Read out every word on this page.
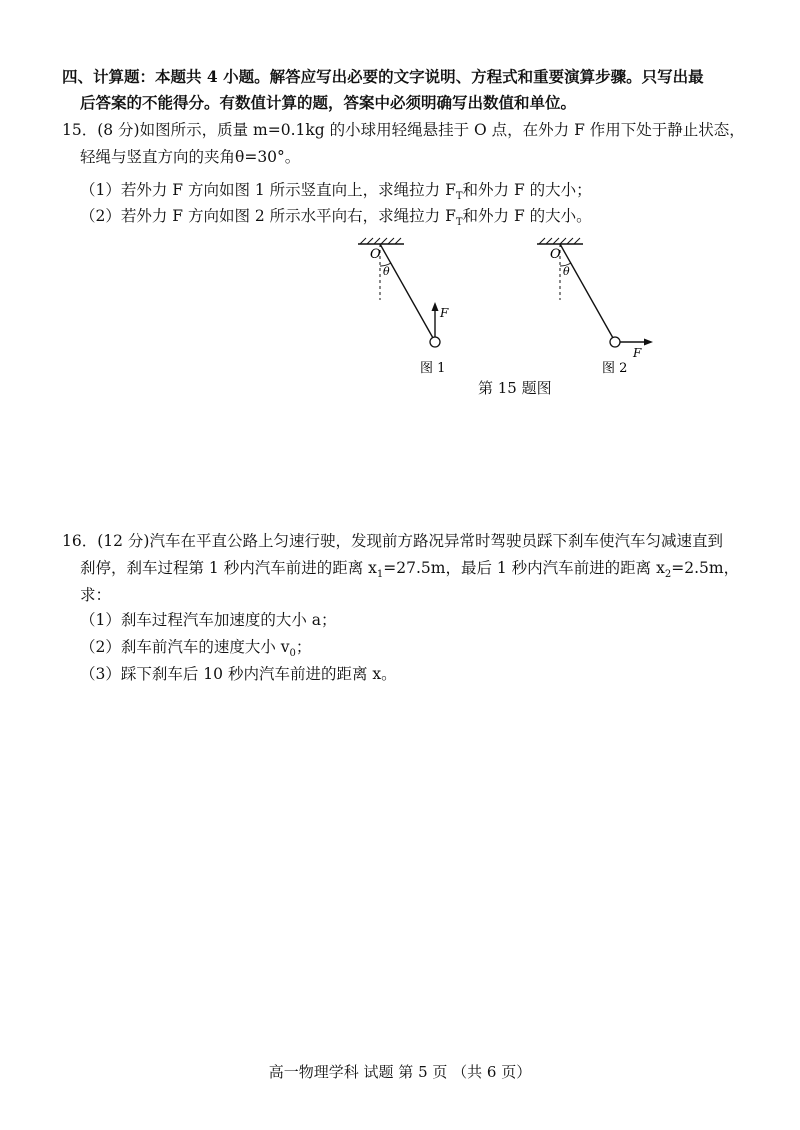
四、计算题：本题共 4 小题。解答应写出必要的文字说明、方程式和重要演算步骤。只写出最
后答案的不能得分。有数值计算的题，答案中必须明确写出数值和单位。
15．(8 分)如图所示，质量 m=0.1kg 的小球用轻绳悬挂于 O 点，在外力 F 作用下处于静止状态，
轻绳与竖直方向的夹角θ=30°。
（1）若外力 F 方向如图 1 所示竖直向上，求绳拉力 $F_T$和外力 F 的大小；
（2）若外力 F 方向如图 2 所示水平向右，求绳拉力 $F_T$和外力 F 的大小。
O
θ
F
图 1
O
θ
F
图 2
第 15 题图
16．(12 分)汽车在平直公路上匀速行驶，发现前方路况异常时驾驶员踩下刹车使汽车匀减速直到
刹停，刹车过程第 1 秒内汽车前进的距离 $x_1=27.5m$，最后 1 秒内汽车前进的距离 $x_2=2.5m$，
求：
（1）刹车过程汽车加速度的大小 a；
（2）刹车前汽车的速度大小 $v_0$；
（3）踩下刹车后 10 秒内汽车前进的距离 x。
高一物理学科 试题 第 5 页 （共 6 页）
